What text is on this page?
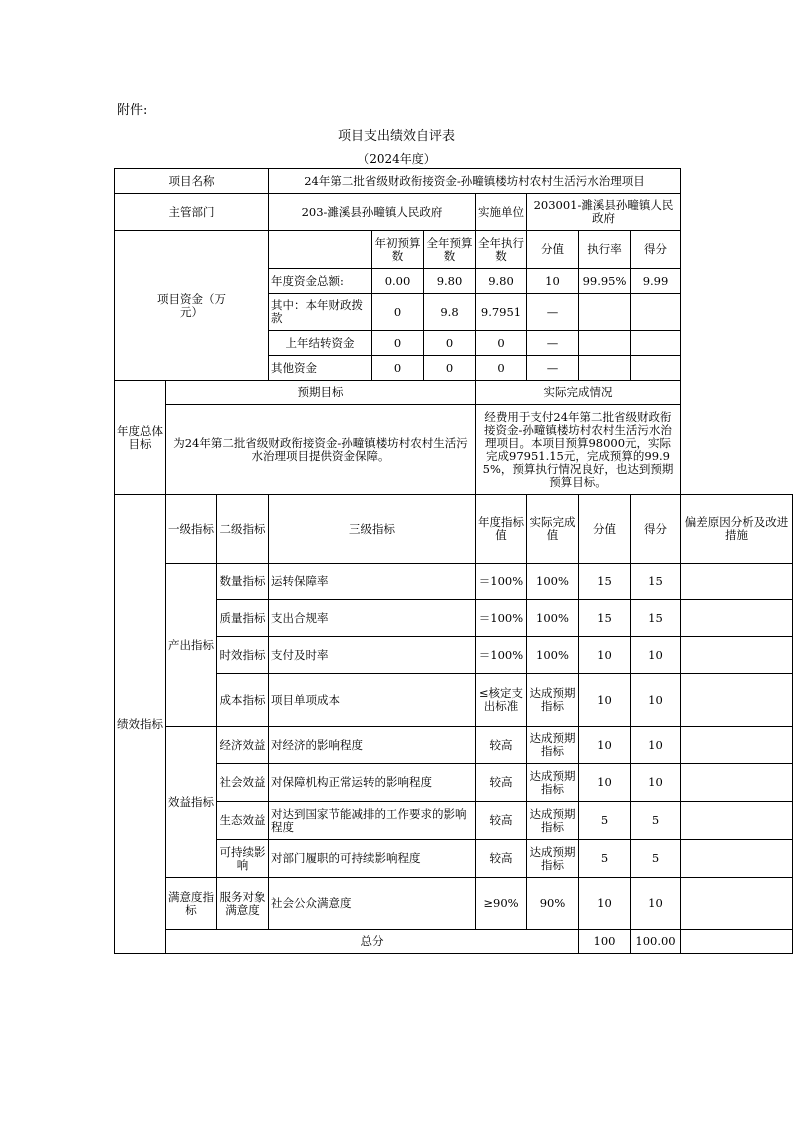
附件:
项目支出绩效自评表
（2024年度）
项目名称			24年第二批省级财政衔接资金-孙疃镇楼坊村农村生活污水治理项目							
主管部门			203-濉溪县孙疃镇人民政府			实施单位	203001-濉溪县孙疃镇人民政府			
项目资金（万元）				年初预算数	全年预算数	全年执行数	分值	执行率	得分	
			年度资金总额:	0.00	9.80	9.80	10	99.95%	9.99	
			其中：本年财政拨款	0	9.8	9.7951	—			
			上年结转资金	0	0	0	—			
			其他资金	0	0	0	—			
年度总体目标	预期目标					实际完成情况				
	为24年第二批省级财政衔接资金-孙疃镇楼坊村农村生活污水治理项目提供资金保障。					经费用于支付24年第二批省级财政衔接资金-孙疃镇楼坊村农村生活污水治理项目。本项目预算98000元，实际完成97951.15元，完成预算的99.95%，预算执行情况良好，也达到预期预算目标。				
绩效指标	一级指标	二级指标	三级指标			年度指标值	实际完成值	分值	得分	偏差原因分析及改进措施
	产出指标	数量指标	运转保障率			＝100%	100%	15	15	
		质量指标	支出合规率			＝100%	100%	15	15	
		时效指标	支付及时率			＝100%	100%	10	10	
		成本指标	项目单项成本			≤核定支出标准	达成预期指标	10	10	
	效益指标	经济效益	对经济的影响程度			较高	达成预期指标	10	10	
		社会效益	对保障机构正常运转的影响程度			较高	达成预期指标	10	10	
		生态效益	对达到国家节能减排的工作要求的影响程度			较高	达成预期指标	5	5	
		可持续影响	对部门履职的可持续影响程度			较高	达成预期指标	5	5	
	满意度指标	服务对象满意度	社会公众满意度			≥90%	90%	10	10	
	总分							100	100.00	
